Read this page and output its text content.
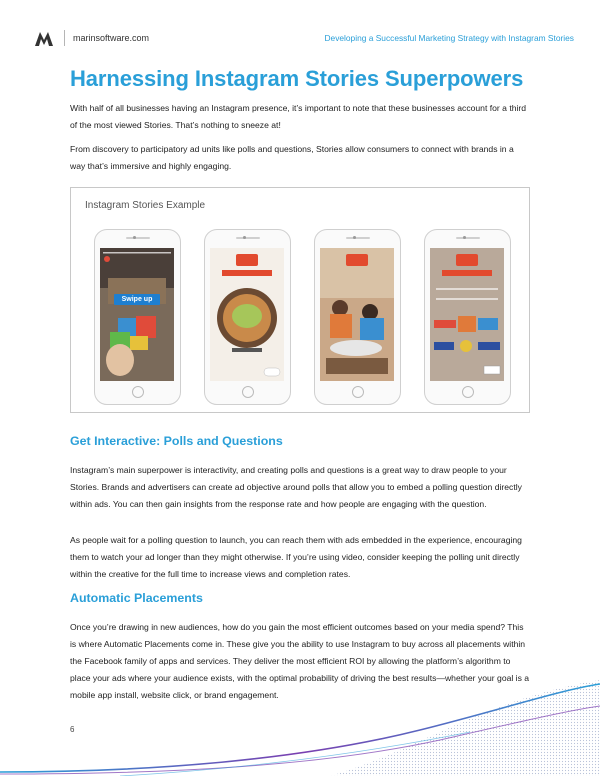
marinsoftware.com	Developing a Successful Marketing Strategy with Instagram Stories
Harnessing Instagram Stories Superpowers

With half of all businesses having an Instagram presence, it’s important to note that these businesses account for a third of the most viewed Stories. That’s nothing to sneeze at!

From discovery to participatory ad units like polls and questions, Stories allow consumers to connect with brands in a way that’s immersive and highly engaging.

Instagram Stories Example
Swipe up
Get Interactive: Polls and Questions

Instagram’s main superpower is interactivity, and creating polls and questions is a great way to draw people to your Stories. Brands and advertisers can create ad objective around polls that allow you to embed a polling question directly within ads. You can then gain insights from the response rate and how people are engaging with the question.

As people wait for a polling question to launch, you can reach them with ads embedded in the experience, encouraging them to watch your ad longer than they might otherwise. If you’re using video, consider keeping the polling unit directly within the creative for the full time to increase views and completion rates.

Automatic Placements

Once you’re drawing in new audiences, how do you gain the most efficient outcomes based on your media spend? This is where Automatic Placements come in. These give you the ability to use Instagram to buy across all placements within the Facebook family of apps and services. They deliver the most efficient ROI by allowing the platform’s algorithm to place your ads where your audience exists, with the optimal probability of driving the best results—whether your goal is a mobile app install, website click, or brand engagement.

6
